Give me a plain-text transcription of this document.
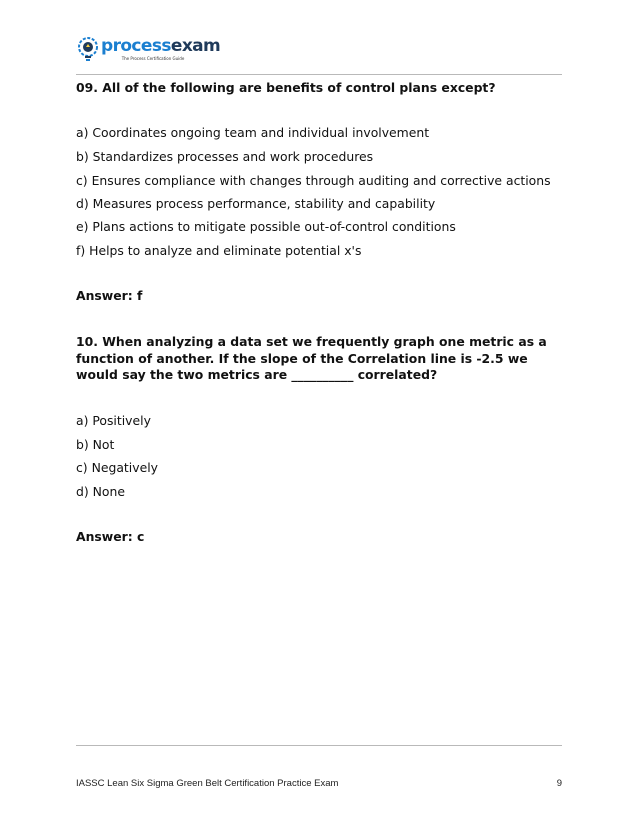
processexam
The Process Certification Guide
09. All of the following are benefits of control plans except?
a) Coordinates ongoing team and individual involvement
b) Standardizes processes and work procedures
c) Ensures compliance with changes through auditing and corrective actions
d) Measures process performance, stability and capability
e) Plans actions to mitigate possible out-of-control conditions
f) Helps to analyze and eliminate potential x's
Answer: f
10. When analyzing a data set we frequently graph one metric as a function of another. If the slope of the Correlation line is -2.5 we would say the two metrics are __________ correlated?
a) Positively
b) Not
c) Negatively
d) None
Answer: c
IASSC Lean Six Sigma Green Belt Certification Practice Exam	9
